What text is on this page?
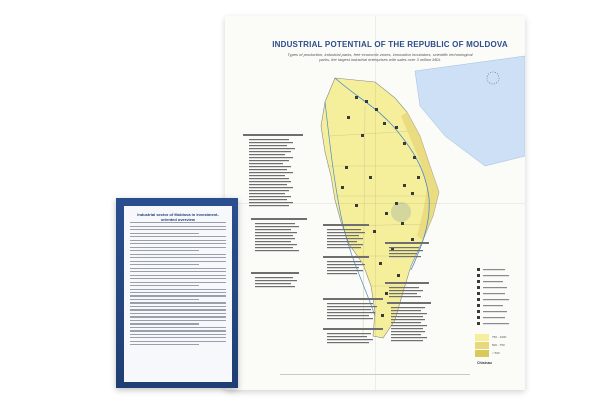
INDUSTRIAL POTENTIAL OF THE REPUBLIC OF MOLDOVA
Types of production, industrial parks, free economic zones, innovation incubators, scientific technological parks, the largest industrial enterprises with sales over 3 million MDL
750 - 1000
500 - 750
< 500
Chisinau
Industrial sector of Moldova in investment-oriented overview
